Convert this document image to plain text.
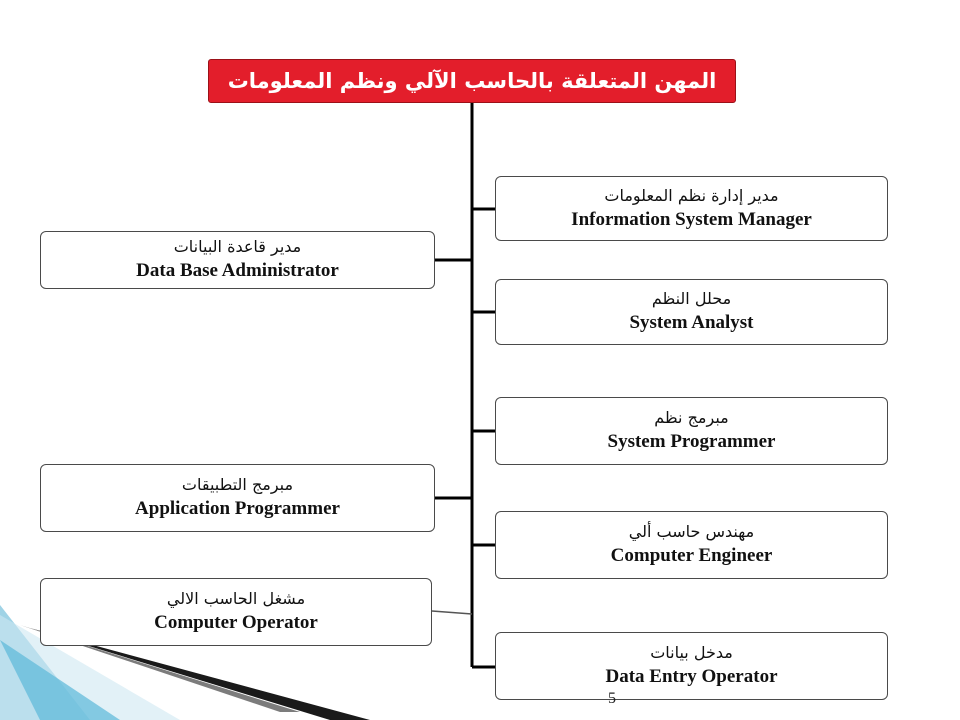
المهن المتعلقة بالحاسب الآلي ونظم المعلومات
مدير إدارة نظم المعلومات
Information System Manager
محلل النظم
System Analyst
مبرمج نظم
System Programmer
مهندس حاسب ألي
Computer Engineer
مدخل بيانات
Data Entry Operator
مدير قاعدة البيانات
Data Base Administrator
مبرمج التطبيقات
Application Programmer
مشغل الحاسب الالي
Computer Operator
5
